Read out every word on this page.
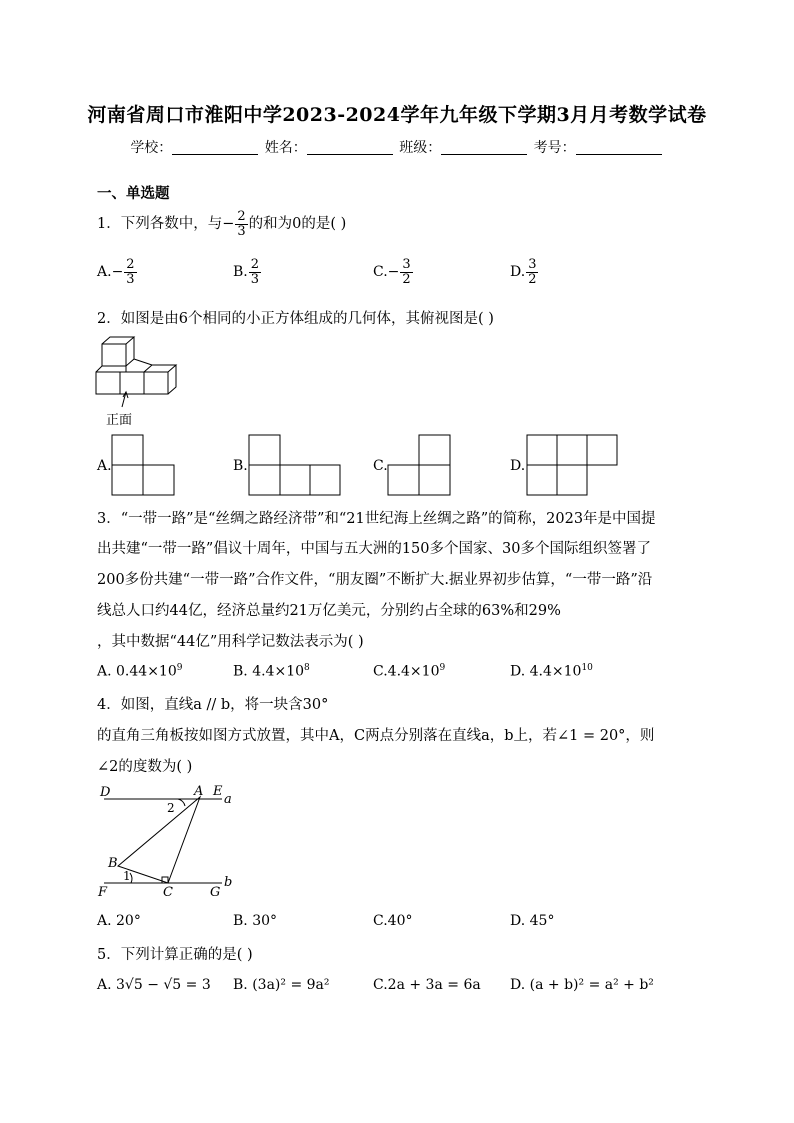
河南省周口市淮阳中学2023-2024学年九年级下学期3月月考数学试卷
学校：	姓名：	班级：	考号：
一、单选题
1．下列各数中，与− $\frac{2}{3}$ 的和为0的是( )
$A.- \frac{2}{3}$	B. $\frac{2}{3}$	$C.- \frac{3}{2}$	D. $\frac{3}{2}$
2．如图是由6个相同的小正方体组成的几何体，其俯视图是( )
正面
A.	B.	C.	D.
3．“一带一路”是“丝绸之路经济带”和“21世纪海上丝绸之路”的简称，2023年是中国提
出共建“一带一路”倡议十周年，中国与五大洲的150多个国家、30多个国际组织签署了
200多份共建“一带一路”合作文件，“朋友圈”不断扩大.据业界初步估算，“一带一路”沿
线总人口约44亿，经济总量约21万亿美元，分别约占全球的63%和29%
，其中数据“44亿”用科学记数法表示为( )
A. $0.44\times 10^9$	B. $4.4\times 10^8$	$C.4.4\times 10^9$	D. $4.4\times 10^{10}$
4．如图，直线a // b，将一块含30°
的直角三角板按如图方式放置，其中A，C两点分别落在直线a，b上，若∠1 = 20°，则
∠2的度数为( )
D	A E
a
B
F	C	G
b
2
1
A. 20°	B. 30°	C.40°	D. 45°
5．下列计算正确的是( )
A. 3√5 − √5 = 3 B. (3a)² = 9a²	C.2a + 3a = 6a D. (a + b)² = a² + b²
